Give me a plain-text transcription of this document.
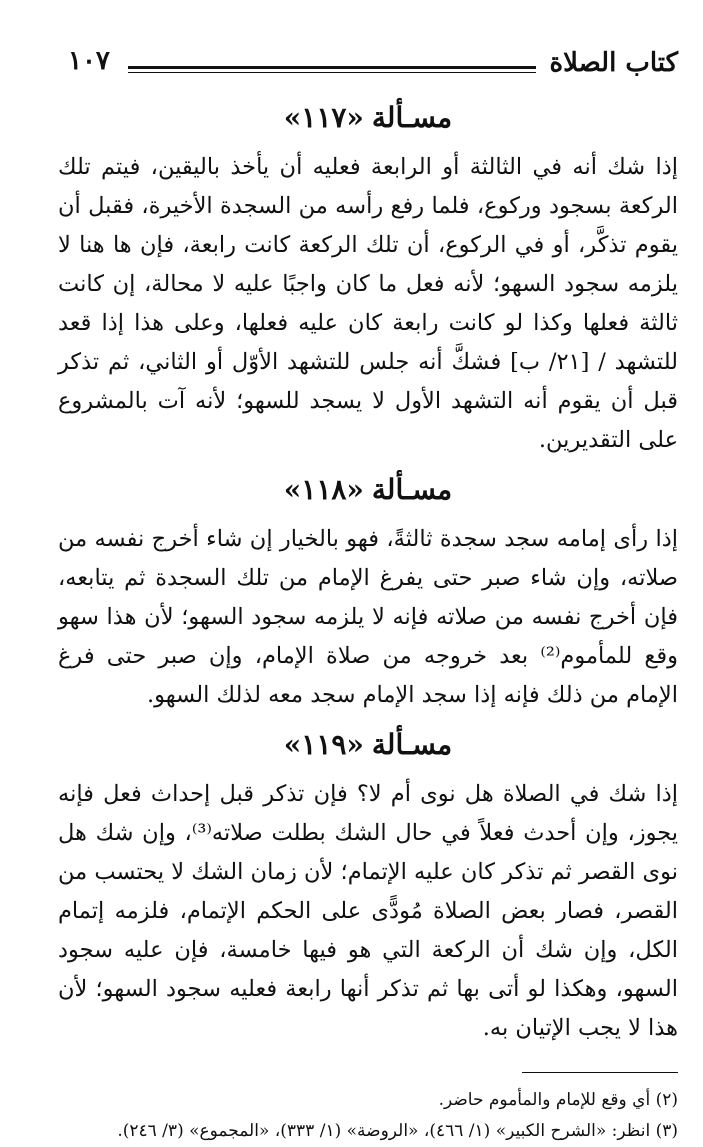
كتاب الصلاة
١٠٧
مسـألة«١١٧»

إذا شك أنه في الثالثة أو الرابعة فعليه أن يأخذ باليقين، فيتم تلك الركعة بسجود وركوع، فلما رفع رأسه من السجدة الأخيرة، فقبل أن يقوم تذكَّر، أو في الركوع، أن تلك الركعة كانت رابعة، فإن ها هنا لا يلزمه سجود السهو؛ لأنه فعل ما كان واجبًا عليه لا محالة، إن كانت ثالثة فعلها وكذا لو كانت رابعة كان عليه فعلها، وعلى هذا إذا قعد للتشهد / [٢١/ ب] فشكَّ أنه جلس للتشهد الأوّل أو الثاني، ثم تذكر قبل أن يقوم أنه التشهد الأول لا يسجد للسهو؛ لأنه آت بالمشروع على التقديرين.

مسـألة«١١٨»

إذا رأى إمامه سجد سجدة ثالثةً، فهو بالخيار إن شاء أخرج نفسه من صلاته، وإن شاء صبر حتى يفرغ الإمام من تلك السجدة ثم يتابعه، فإن أخرج نفسه من صلاته فإنه لا يلزمه سجود السهو؛ لأن هذا سهو وقع للمأموم⁽²⁾ بعد خروجه من صلاة الإمام، وإن صبر حتى فرغ الإمام من ذلك فإنه إذا سجد الإمام سجد معه لذلك السهو.

مسـألة«١١٩»

إذا شك في الصلاة هل نوى أم لا؟ فإن تذكر قبل إحداث فعل فإنه يجوز، وإن أحدث فعلاً في حال الشك بطلت صلاته⁽³⁾، وإن شك هل نوى القصر ثم تذكر كان عليه الإتمام؛ لأن زمان الشك لا يحتسب من القصر، فصار بعض الصلاة مُودًّى على الحكم الإتمام، فلزمه إتمام الكل، وإن شك أن الركعة التي هو فيها خامسة، فإن عليه سجود السهو، وهكذا لو أتى بها ثم تذكر أنها رابعة فعليه سجود السهو؛ لأن هذا لا يجب الإتيان به.

(٢) أي وقع للإمام والمأموم حاضر.

(٣) انظر: «الشرح الكبير» (١/ ٤٦٦)، «الروضة» (١/ ٣٣٣)، «المجموع» (٣/ ٢٤٦).
